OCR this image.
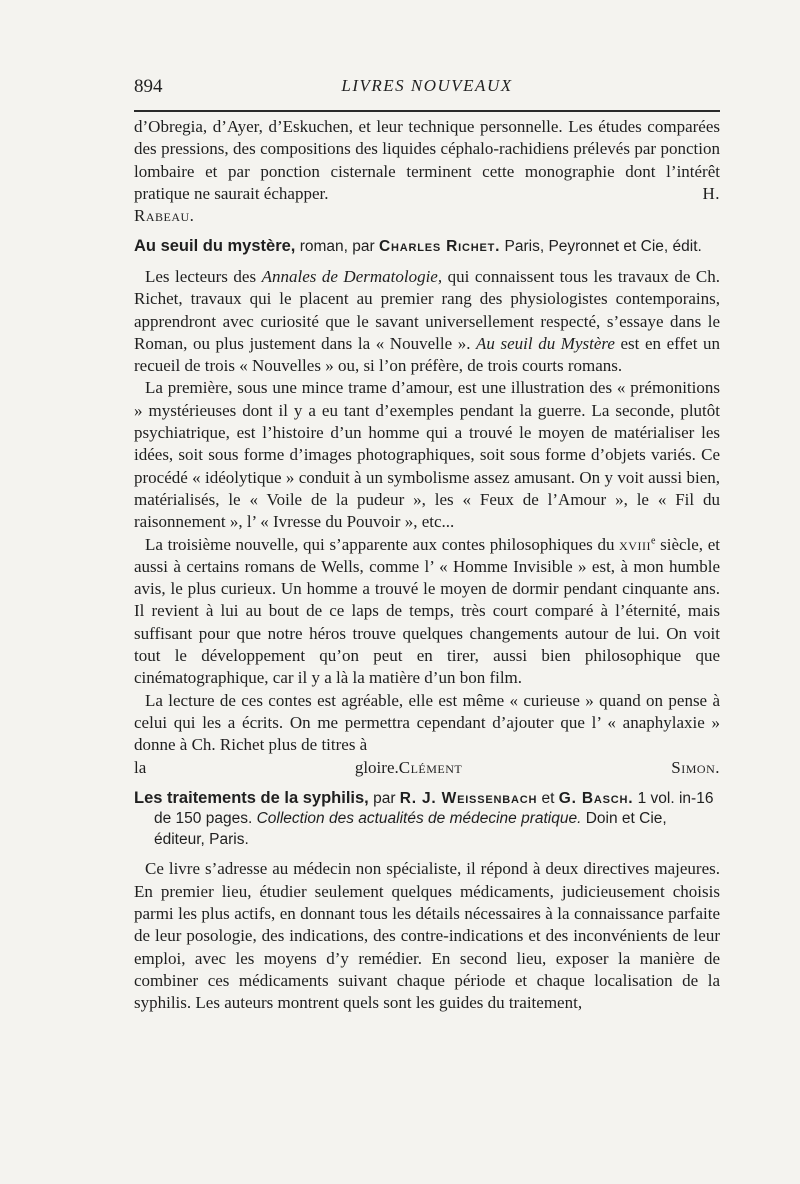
894	LIVRES NOUVEAUX

d’Obregia, d’Ayer, d’Eskuchen, et leur technique personnelle. Les études comparées des pressions, des compositions des liquides céphalo-rachidiens prélevés par ponction lombaire et par ponction cisternale terminent cette monographie dont l’intérêt pratique ne saurait échapper.                      	H. Rabeau.

Au seuil du mystère, roman, par Charles Richet. Paris, Peyronnet et Cie, édit.

Les lecteurs des Annales de Dermatologie, qui connaissent tous les travaux de Ch. Richet, travaux qui le placent au premier rang des physiologistes contemporains, apprendront avec curiosité que le savant universellement respecté, s’essaye dans le Roman, ou plus justement dans la « Nouvelle ». Au seuil du Mystère est en effet un recueil de trois « Nouvelles » ou, si l’on préfère, de trois courts romans.

La première, sous une mince trame d’amour, est une illustration des « prémonitions » mystérieuses dont il y a eu tant d’exemples pendant la guerre. La seconde, plutôt psychiatrique, est l’histoire d’un homme qui a trouvé le moyen de matérialiser les idées, soit sous forme d’images photographiques, soit sous forme d’objets variés. Ce procédé « idéolytique » conduit à un symbolisme assez amusant. On y voit aussi bien, matérialisés, le « Voile de la pudeur », les « Feux de l’Amour », le « Fil du raisonnement », l’ « Ivresse du Pouvoir », etc...

La troisième nouvelle, qui s’apparente aux contes philosophiques du xviii$^e$ siècle, et aussi à certains romans de Wells, comme l’ « Homme Invisible » est, à mon humble avis, le plus curieux. Un homme a trouvé le moyen de dormir pendant cinquante ans. Il revient à lui au bout de ce laps de temps, très court comparé à l’éternité, mais suffisant pour que notre héros trouve quelques changements autour de lui. On voit tout le développement qu’on peut en tirer, aussi bien philosophique que cinématographique, car il y a là la matière d’un bon film.

La lecture de ces contes est agréable, elle est même « curieuse » quand on pense à celui qui les a écrits. On me permettra cependant d’ajouter que l’ « anaphylaxie » donne à Ch. Richet plus de titres à

la gloire.Clément Simon.

Les traitements de la syphilis, par R. J. Weissenbach et G. Basch. 1 vol. in-16 de 150 pages. Collection des actualités de médecine pratique. Doin et Cie, éditeur, Paris.

Ce livre s’adresse au médecin non spécialiste, il répond à deux directives majeures. En premier lieu, étudier seulement quelques médicaments, judicieusement choisis parmi les plus actifs, en donnant tous les détails nécessaires à la connaissance parfaite de leur posologie, des indications, des contre-indications et des inconvénients de leur emploi, avec les moyens d’y remédier. En second lieu, exposer la manière de combiner ces médicaments suivant chaque période et chaque localisation de la syphilis. Les auteurs montrent quels sont les guides du traitement,
